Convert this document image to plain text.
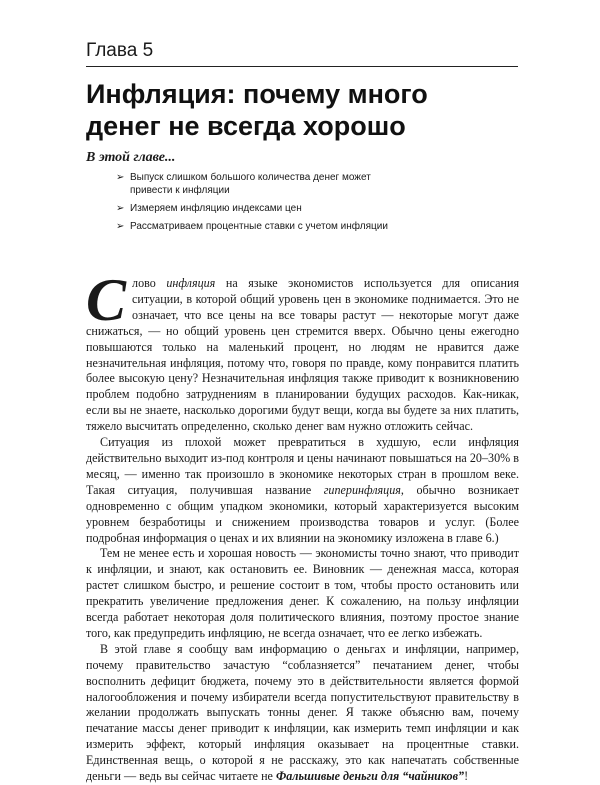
Глава 5
Инфляция: почему много
денег не всегда хорошо
В этой главе...
➢ Выпуск слишком большого количества денег может привести к инфляции
➢ Измеряем инфляцию индексами цен
➢ Рассматриваем процентные ставки с учетом инфляции

Слово инфляция на языке экономистов используется для описания ситуации, в которой общий уровень цен в экономике поднимается. Это не означает, что все цены на все товары растут — некоторые могут даже снижаться, — но общий уровень цен стремится вверх. Обычно цены ежегодно повышаются только на маленький процент, но людям не нравится даже незначительная инфляция, потому что, говоря по правде, кому понравится платить более высокую цену? Незначительная инфляция также приводит к возникновению проблем подобно затруднениям в планировании будущих расходов. Как-никак, если вы не знаете, насколько дорогими будут вещи, когда вы будете за них платить, тяжело высчитать определенно, сколько денег вам нужно отложить сейчас.

Ситуация из плохой может превратиться в худшую, если инфляция действительно выходит из-под контроля и цены начинают повышаться на 20–30% в месяц, — именно так произошло в экономике некоторых стран в прошлом веке. Такая ситуация, получившая название гиперинфляция, обычно возникает одновременно с общим упадком экономики, который характеризуется высоким уровнем безработицы и снижением производства товаров и услуг. (Более подробная информация о ценах и их влиянии на экономику изложена в главе 6.)

Тем не менее есть и хорошая новость — экономисты точно знают, что приводит к инфляции, и знают, как остановить ее. Виновник — денежная масса, которая растет слишком быстро, и решение состоит в том, чтобы просто остановить или прекратить увеличение предложения денег. К сожалению, на пользу инфляции всегда работает некоторая доля политического влияния, поэтому простое знание того, как предупредить инфляцию, не всегда означает, что ее легко избежать.

В этой главе я сообщу вам информацию о деньгах и инфляции, например, почему правительство зачастую “соблазняется” печатанием денег, чтобы восполнить дефицит бюджета, почему это в действительности является формой налогообложения и почему избиратели всегда попустительствуют правительству в желании продолжать выпускать тонны денег. Я также объясню вам, почему печатание массы денег приводит к инфляции, как измерить темп инфляции и как измерить эффект, который инфляция оказывает на процентные ставки. Единственная вещь, о которой я не расскажу, это как напечатать собственные деньги — ведь вы сейчас читаете не Фальшивые деньги для “чайников”!
